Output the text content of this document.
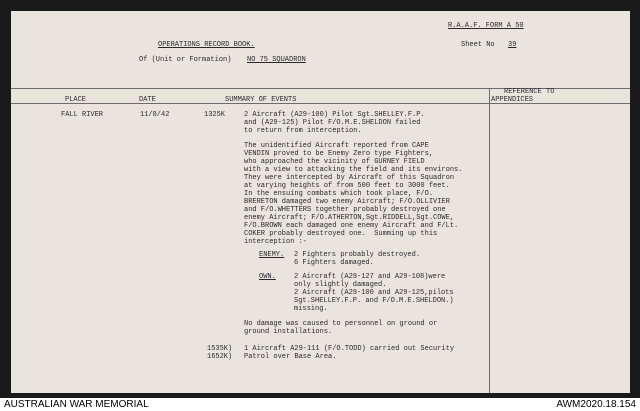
R.A.A.F. FORM A 50
Sheet No 39
OPERATIONS RECORD BOOK.
Of (Unit or Formation) NO 75 SQUADRON
PLACE	DATE	SUMMARY OF EVENTS
REFERENCE TO
APPENDICES
FALL RIVER	11/8/42	1325K	2 Aircraft (A29-100) Pilot Sgt.SHELLEY.F.P.
and (A29-125) Pilot F/O.M.E.SHELDON failed
to return from interception.
The unidentified Aircraft reported from CAPE
VENDIN proved to be Enemy Zero type Fighters,
who approached the vicinity of GURNEY FIELD
with a view to attacking the field and its environs.
They were intercepted by Aircraft of this Squadron
at varying heights of from 500 feet to 3000 feet.
In the ensuing combats which took place, F/O.
BRERETON damaged two enemy Aircraft; F/O.OLLIVIER
and F/O.WHETTERS together probably destroyed one
enemy Aircraft; F/O.ATHERTON,Sgt.RIDDELL,Sgt.COWE,
F/O.BROWN each damaged one enemy Aircraft and F/Lt.
COKER probably destroyed one.  Summing up this
interception :-
ENEMY. 2 Fighters probably destroyed.
6 Fighters damaged.
OWN.	2 Aircraft (A29-127 and A29-108)were
only slightly damaged.
2 Aircraft (A29-100 and A29-125,pilots
Sgt.SHELLEY.F.P. and F/O.M.E.SHELDON.)
missing.
No damage was caused to personnel on ground or
ground installations.
1535K)
1652K)
1 Aircraft A29-111 (F/O.TODD) carried out Security
Patrol over Base Area.
AUSTRALIAN WAR MEMORIAL	AWM2020.18.154
